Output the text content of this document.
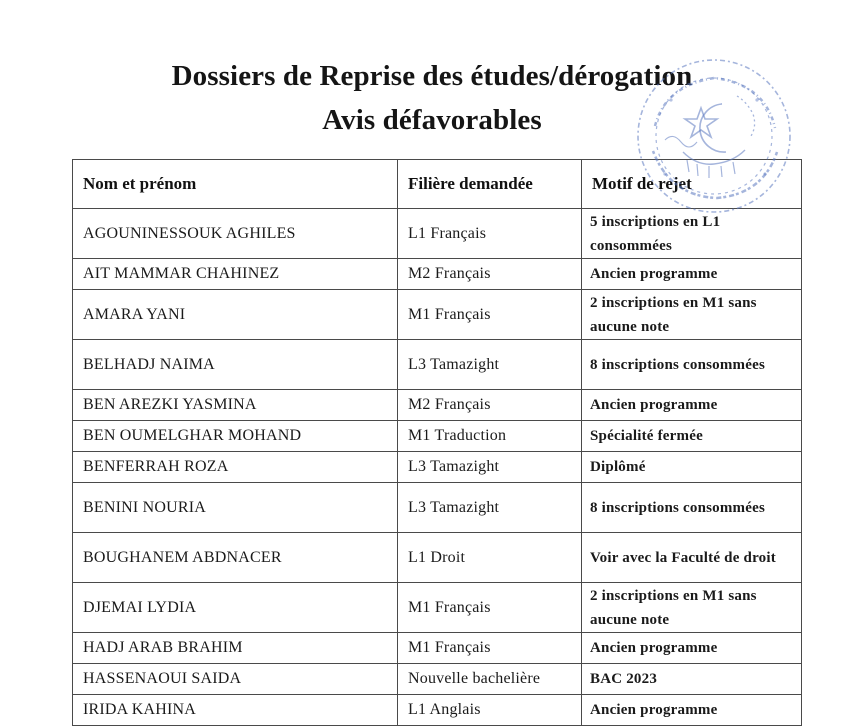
Dossiers de Reprise des études/dérogation
Avis défavorables
Nom et prénom	Filière demandée	Motif de rejet
AGOUNINESSOUK AGHILES	L1 Français	5 inscriptions en L1 consommées
AIT MAMMAR CHAHINEZ	M2 Français	Ancien programme
AMARA YANI	M1 Français	2 inscriptions en M1 sans aucune note
BELHADJ NAIMA	L3 Tamazight	8 inscriptions consommées
BEN AREZKI YASMINA	M2 Français	Ancien programme
BEN OUMELGHAR MOHAND	M1 Traduction	Spécialité fermée
BENFERRAH ROZA	L3 Tamazight	Diplômé
BENINI NOURIA	L3 Tamazight	8 inscriptions consommées
BOUGHANEM ABDNACER	L1 Droit	Voir avec la Faculté de droit
DJEMAI LYDIA	M1 Français	2 inscriptions en M1 sans aucune note
HADJ ARAB BRAHIM	M1 Français	Ancien programme
HASSENAOUI SAIDA	Nouvelle bachelière	BAC 2023
IRIDA KAHINA	L1 Anglais	Ancien programme
